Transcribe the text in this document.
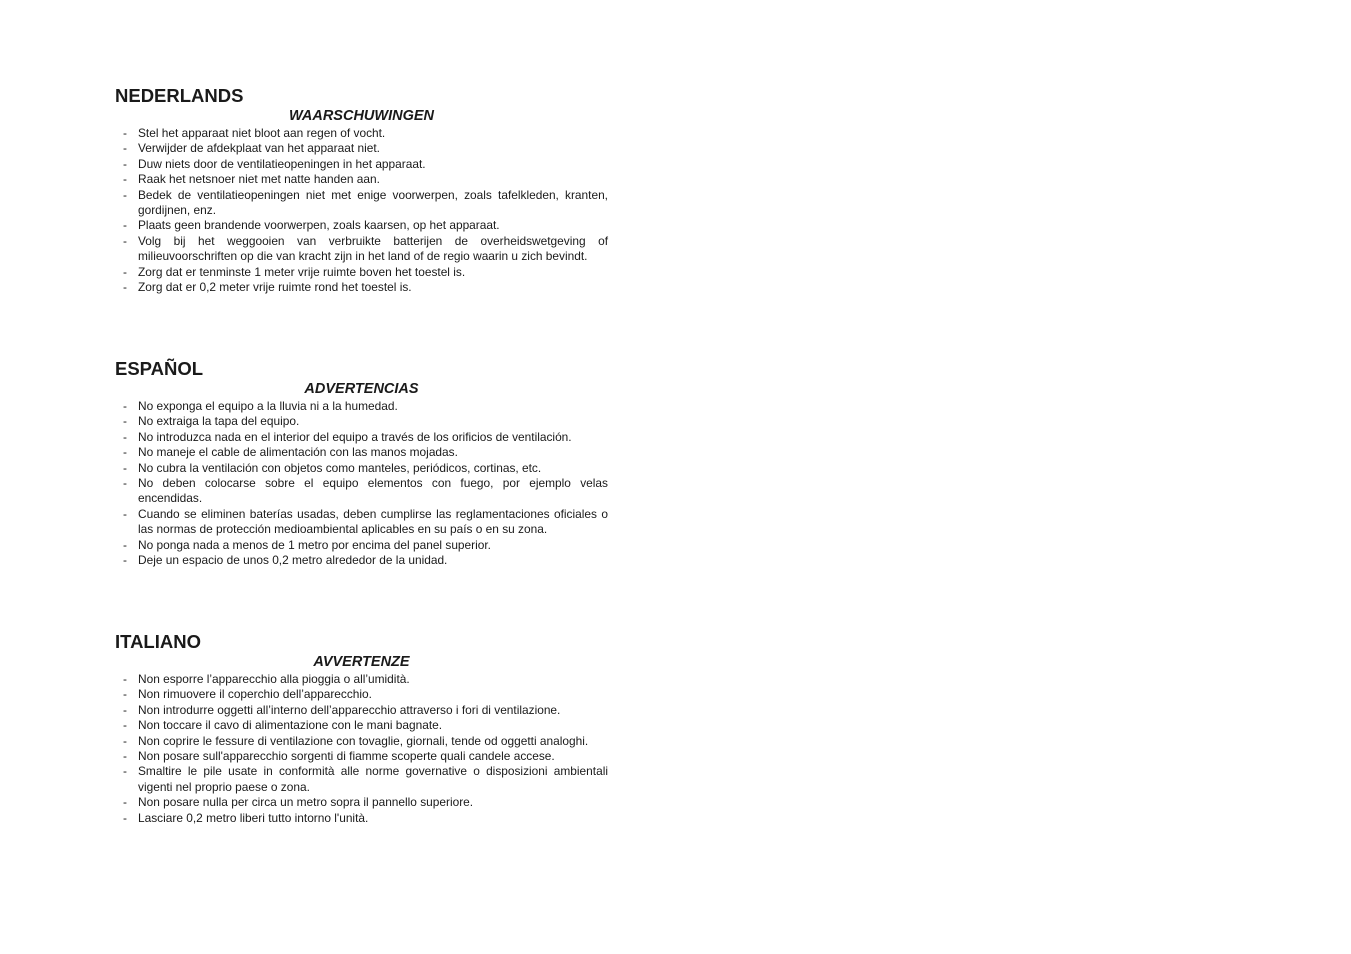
NEDERLANDS
WAARSCHUWINGEN
- Stel het apparaat niet bloot aan regen of vocht.
- Verwijder de afdekplaat van het apparaat niet.
- Duw niets door de ventilatieopeningen in het apparaat.
- Raak het netsnoer niet met natte handen aan.
- Bedek de ventilatieopeningen niet met enige voorwerpen, zoals tafelkleden, kranten, gordijnen, enz.
- Plaats geen brandende voorwerpen, zoals kaarsen, op het apparaat.
- Volg bij het weggooien van verbruikte batterijen de overheidswetgeving of milieuvoorschriften op die van kracht zijn in het land of de regio waarin u zich bevindt.
- Zorg dat er tenminste 1 meter vrije ruimte boven het toestel is.
- Zorg dat er 0,2 meter vrije ruimte rond het toestel is.
ESPAÑOL
ADVERTENCIAS
- No exponga el equipo a la lluvia ni a la humedad.
- No extraiga la tapa del equipo.
- No introduzca nada en el interior del equipo a través de los orificios de ventilación.
- No maneje el cable de alimentación con las manos mojadas.
- No cubra la ventilación con objetos como manteles, periódicos, cortinas, etc.
- No deben colocarse sobre el equipo elementos con fuego, por ejemplo velas encendidas.
- Cuando se eliminen baterías usadas, deben cumplirse las reglamentaciones oficiales o las normas de protección medioambiental aplicables en su país o en su zona.
- No ponga nada a menos de 1 metro por encima del panel superior.
- Deje un espacio de unos 0,2 metro alrededor de la unidad.
ITALIANO
AVVERTENZE
- Non esporre l’apparecchio alla pioggia o all’umidità.
- Non rimuovere il coperchio dell’apparecchio.
- Non introdurre oggetti all’interno dell’apparecchio attraverso i fori di ventilazione.
- Non toccare il cavo di alimentazione con le mani bagnate.
- Non coprire le fessure di ventilazione con tovaglie, giornali, tende od oggetti analoghi.
- Non posare sull'apparecchio sorgenti di fiamme scoperte quali candele accese.
- Smaltire le pile usate in conformità alle norme governative o disposizioni ambientali vigenti nel proprio paese o zona.
- Non posare nulla per circa un metro sopra il pannello superiore.
- Lasciare 0,2 metro liberi tutto intorno l'unità.
